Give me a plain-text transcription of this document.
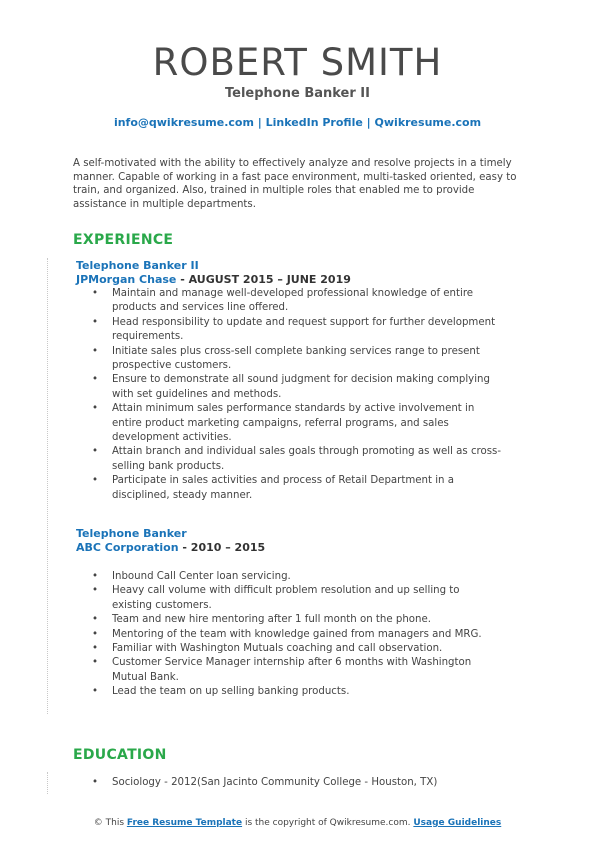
ROBERT SMITH
Telephone Banker II
info@qwikresume.com | LinkedIn Profile | Qwikresume.com
A self-motivated with the ability to effectively analyze and resolve projects in a timely manner. Capable of working in a fast pace environment, multi-tasked oriented, easy to train, and organized. Also, trained in multiple roles that enabled me to provide assistance in multiple departments.
EXPERIENCE
Telephone Banker II
JPMorgan Chase - AUGUST 2015 – JUNE 2019
• Maintain and manage well-developed professional knowledge of entire products and services line offered.
• Head responsibility to update and request support for further development requirements.
• Initiate sales plus cross-sell complete banking services range to present prospective customers.
• Ensure to demonstrate all sound judgment for decision making complying with set guidelines and methods.
• Attain minimum sales performance standards by active involvement in entire product marketing campaigns, referral programs, and sales development activities.
• Attain branch and individual sales goals through promoting as well as cross-selling bank products.
• Participate in sales activities and process of Retail Department in a disciplined, steady manner.
Telephone Banker
ABC Corporation - 2010 – 2015
• Inbound Call Center loan servicing.
• Heavy call volume with difficult problem resolution and up selling to existing customers.
• Team and new hire mentoring after 1 full month on the phone.
• Mentoring of the team with knowledge gained from managers and MRG.
• Familiar with Washington Mutuals coaching and call observation.
• Customer Service Manager internship after 6 months with Washington Mutual Bank.
• Lead the team on up selling banking products.
EDUCATION
• Sociology - 2012(San Jacinto Community College - Houston, TX)
© This Free Resume Template is the copyright of Qwikresume.com. Usage Guidelines
